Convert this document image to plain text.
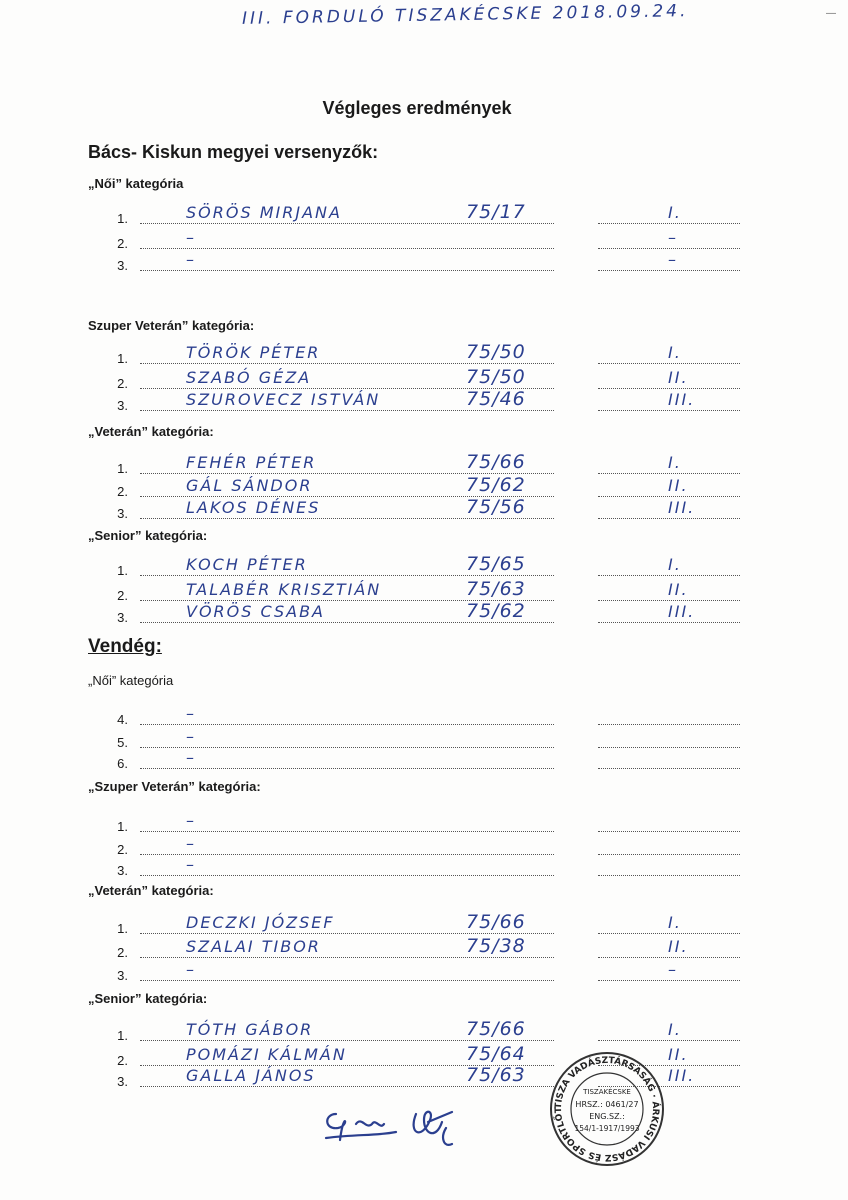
III. FORDULÓ TISZAKÉCSKE 2018.09.24.
Végleges eredmények
Bács- Kiskun megyei versenyzők:
„Női” kategória
1.	SÖRÖS MIRJANA	75/17	I.
2.	–	–
3.	–	–
Szuper Veterán” kategória:
1.	TÖRÖK PÉTER	75/50	I.
2.	SZABÓ GÉZA	75/50	II.
3.	SZUROVECZ ISTVÁN	75/46	III.
„Veterán” kategória:
1.	FEHÉR PÉTER	75/66	I.
2.	GÁL SÁNDOR	75/62	II.
3.	LAKOS DÉNES	75/56	III.
„Senior” kategória:
1.	KOCH PÉTER	75/65	I.
2.	TALABÉR KRISZTIÁN	75/63	II.
3.	VÖRÖS CSABA	75/62	III.
Vendég:
„Női” kategória
4.	–
5.	–
6.	–
„Szuper Veterán” kategória:
1.	–
2.	–
3.	–
„Veterán” kategória:
1.	DECZKI JÓZSEF	75/66	I.
2.	SZALAI TIBOR	75/38	II.
3.	–	–
„Senior” kategória:
1.	TÓTH GÁBOR	75/66	I.
2.	POMÁZI KÁLMÁN	75/64	II.
3.	GALLA JÁNOS	75/63	III.
TISZA VADÁSZTÁRSASÁG · ÁRKUSI VADÁSZ ÉS SPORTLŐT
TISZAKÉCSKE
HRSZ.: 0461/27
ENG.SZ.:
154/1-1917/1993
—
